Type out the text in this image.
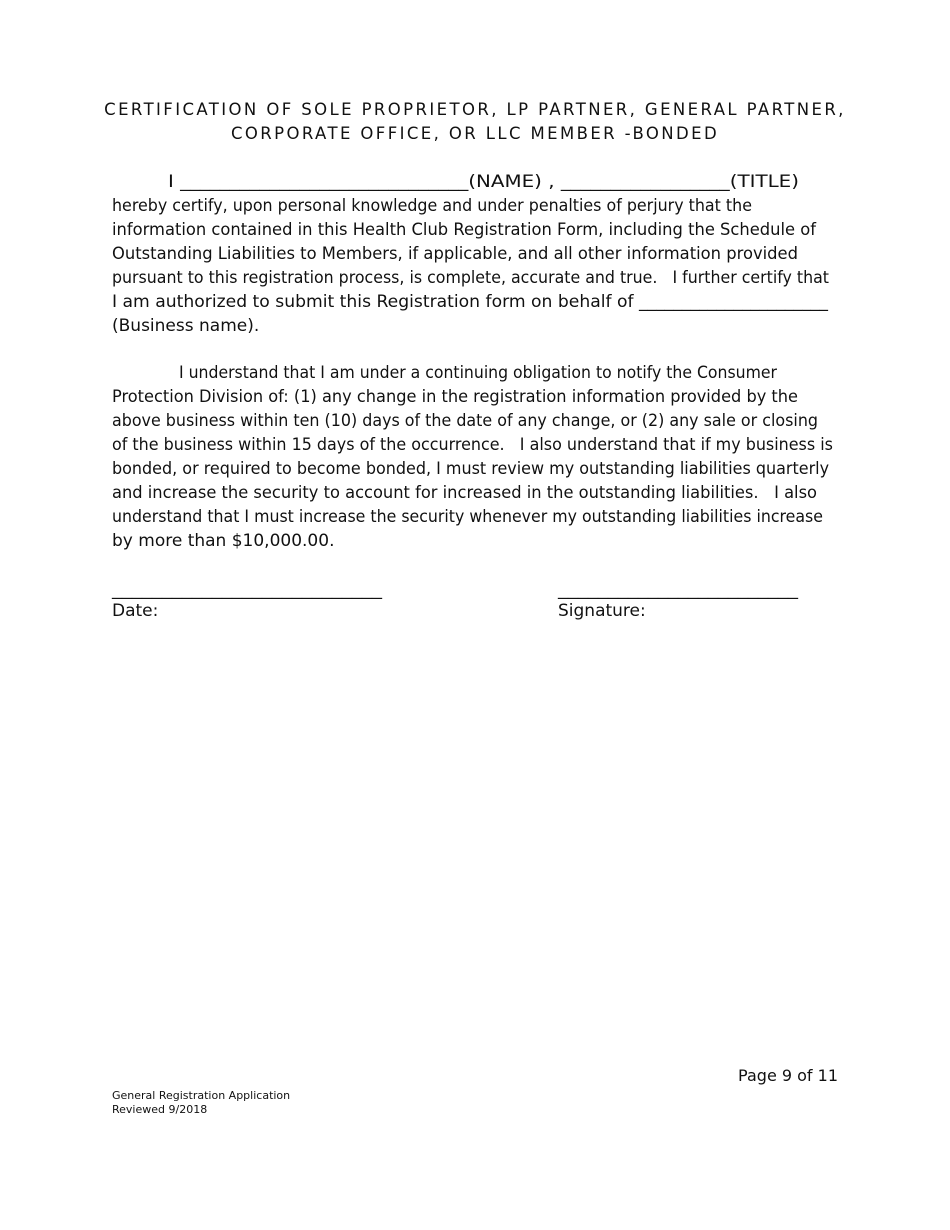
CERTIFICATION OF SOLE PROPRIETOR, LP PARTNER, GENERAL PARTNER,
CORPORATE OFFICE, OR LLC MEMBER -BONDED
I _____________________________(NAME) , _________________(TITLE)
hereby certify, upon personal knowledge and under penalties of perjury that the
information contained in this Health Club Registration Form, including the Schedule of
Outstanding Liabilities to Members, if applicable, and all other information provided
pursuant to this registration process, is complete, accurate and true.   I further certify that
I am authorized to submit this Registration form on behalf of ______________________
(Business name).
I understand that I am under a continuing obligation to notify the Consumer
Protection Division of: (1) any change in the registration information provided by the
above business within ten (10) days of the date of any change, or (2) any sale or closing
of the business within 15 days of the occurrence.   I also understand that if my business is
bonded, or required to become bonded, I must review my outstanding liabilities quarterly
and increase the security to account for increased in the outstanding liabilities.   I also
understand that I must increase the security whenever my outstanding liabilities increase
by more than $10,000.00.
___________________________
Date:
________________________
Signature:
Page 9 of 11
General Registration Application
Reviewed 9/2018
